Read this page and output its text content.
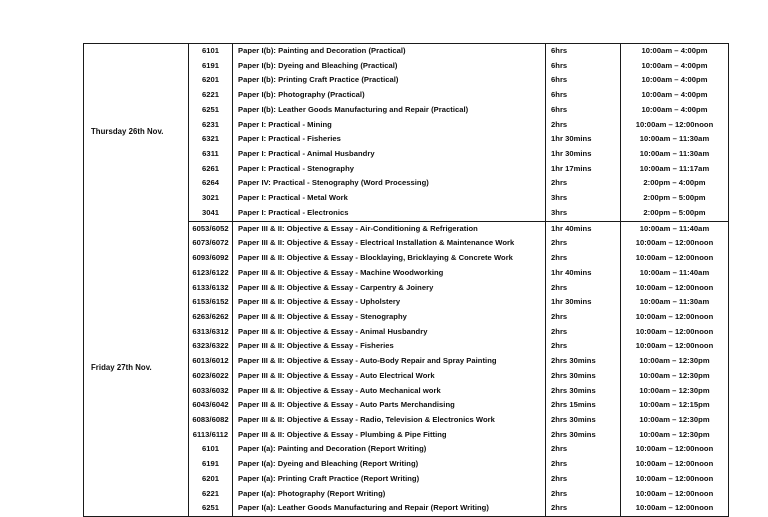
Thursday 26th Nov.	6101	Paper I(b): Painting and Decoration (Practical)	6hrs	10:00am – 4:00pm
	6191	Paper I(b): Dyeing and Bleaching (Practical)	6hrs	10:00am – 4:00pm
	6201	Paper I(b): Printing Craft Practice (Practical)	6hrs	10:00am – 4:00pm
	6221	Paper I(b): Photography (Practical)	6hrs	10:00am – 4:00pm
	6251	Paper I(b): Leather Goods Manufacturing and Repair (Practical)	6hrs	10:00am – 4:00pm
	6231	Paper I: Practical - Mining	2hrs	10:00am – 12:00noon
	6321	Paper I: Practical - Fisheries	1hr 30mins	10:00am – 11:30am
	6311	Paper I: Practical - Animal Husbandry	1hr 30mins	10:00am – 11:30am
	6261	Paper I: Practical - Stenography	1hr 17mins	10:00am – 11:17am
	6264	Paper IV: Practical - Stenography (Word Processing)	2hrs	2:00pm – 4:00pm
	3021	Paper I: Practical - Metal Work	3hrs	2:00pm – 5:00pm
	3041	Paper I: Practical - Electronics	3hrs	2:00pm – 5:00pm
Friday 27th Nov.	6053/6052	Paper III & II: Objective & Essay - Air-Conditioning & Refrigeration	1hr 40mins	10:00am – 11:40am
	6073/6072	Paper III & II: Objective & Essay - Electrical Installation & Maintenance Work	2hrs	10:00am – 12:00noon
	6093/6092	Paper III & II: Objective & Essay - Blocklaying, Bricklaying & Concrete Work	2hrs	10:00am – 12:00noon
	6123/6122	Paper III & II: Objective & Essay - Machine Woodworking	1hr 40mins	10:00am – 11:40am
	6133/6132	Paper III & II: Objective & Essay - Carpentry & Joinery	2hrs	10:00am – 12:00noon
	6153/6152	Paper III & II: Objective & Essay - Upholstery	1hr 30mins	10:00am – 11:30am
	6263/6262	Paper III & II: Objective & Essay - Stenography	2hrs	10:00am – 12:00noon
	6313/6312	Paper III & II: Objective & Essay - Animal Husbandry	2hrs	10:00am – 12:00noon
	6323/6322	Paper III & II: Objective & Essay - Fisheries	2hrs	10:00am – 12:00noon
	6013/6012	Paper III & II: Objective & Essay - Auto-Body Repair and Spray Painting	2hrs 30mins	10:00am – 12:30pm
	6023/6022	Paper III & II: Objective & Essay - Auto Electrical Work	2hrs 30mins	10:00am – 12:30pm
	6033/6032	Paper III & II: Objective & Essay - Auto Mechanical work	2hrs 30mins	10:00am – 12:30pm
	6043/6042	Paper III & II: Objective & Essay - Auto Parts Merchandising	2hrs 15mins	10:00am – 12:15pm
	6083/6082	Paper III & II: Objective & Essay - Radio, Television & Electronics Work	2hrs 30mins	10:00am – 12:30pm
	6113/6112	Paper III & II: Objective & Essay - Plumbing & Pipe Fitting	2hrs 30mins	10:00am – 12:30pm
	6101	Paper I(a): Painting and Decoration (Report Writing)	2hrs	10:00am – 12:00noon
	6191	Paper I(a): Dyeing and Bleaching (Report Writing)	2hrs	10:00am – 12:00noon
	6201	Paper I(a): Printing Craft Practice (Report Writing)	2hrs	10:00am – 12:00noon
	6221	Paper I(a): Photography (Report Writing)	2hrs	10:00am – 12:00noon
	6251	Paper I(a): Leather Goods Manufacturing and Repair (Report Writing)	2hrs	10:00am – 12:00noon
